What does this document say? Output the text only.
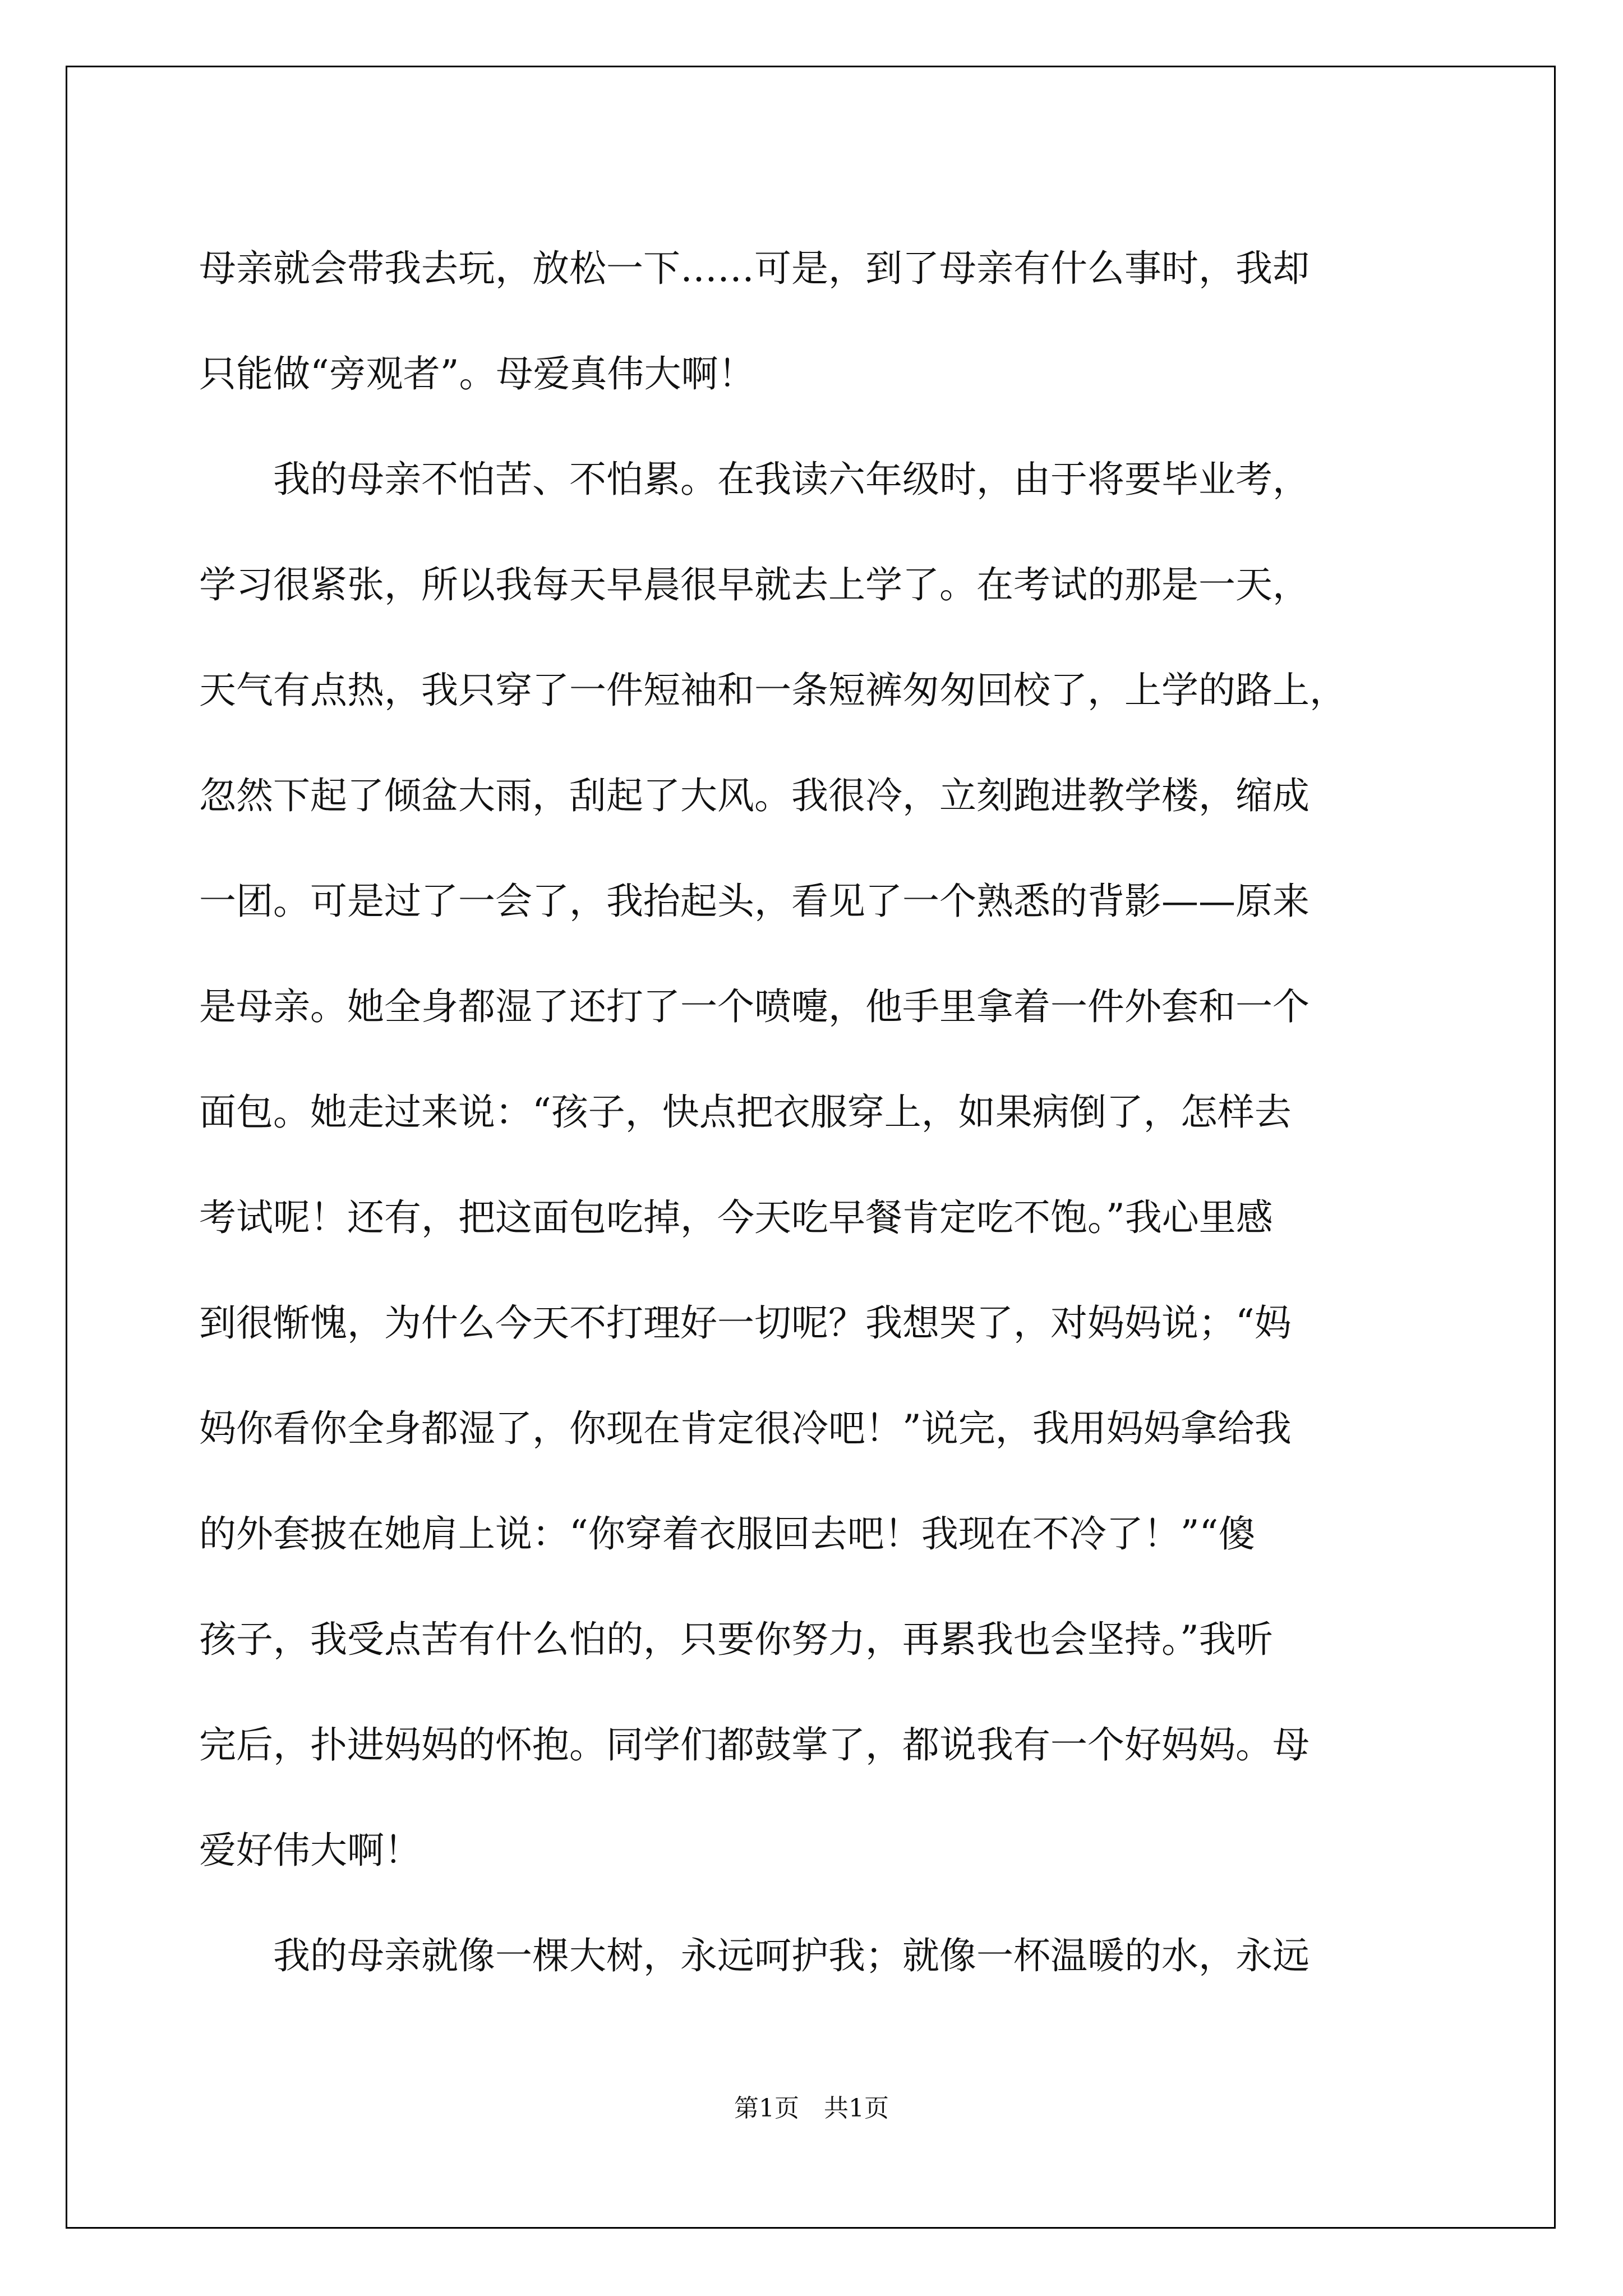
母亲就会带我去玩，放松一下……可是，到了母亲有什么事时，我却
只能做“旁观者”。母爱真伟大啊！
　　我的母亲不怕苦、不怕累。在我读六年级时，由于将要毕业考，
学习很紧张，所以我每天早晨很早就去上学了。在考试的那是一天，
天气有点热，我只穿了一件短袖和一条短裤匆匆回校了，上学的路上，
忽然下起了倾盆大雨，刮起了大风。我很冷，立刻跑进教学楼，缩成
一团。可是过了一会了，我抬起头，看见了一个熟悉的背影——原来
是母亲。她全身都湿了还打了一个喷嚏，他手里拿着一件外套和一个
面包。她走过来说：“孩子，快点把衣服穿上，如果病倒了，怎样去
考试呢！还有，把这面包吃掉，今天吃早餐肯定吃不饱。”我心里感
到很惭愧，为什么今天不打理好一切呢？我想哭了，对妈妈说；“妈
妈你看你全身都湿了，你现在肯定很冷吧！”说完，我用妈妈拿给我
的外套披在她肩上说：“你穿着衣服回去吧！我现在不冷了！”“傻
孩子，我受点苦有什么怕的，只要你努力，再累我也会坚持。”我听
完后，扑进妈妈的怀抱。同学们都鼓掌了，都说我有一个好妈妈。母
爱好伟大啊！
　　我的母亲就像一棵大树，永远呵护我；就像一杯温暖的水，永远
第1页　共1页
